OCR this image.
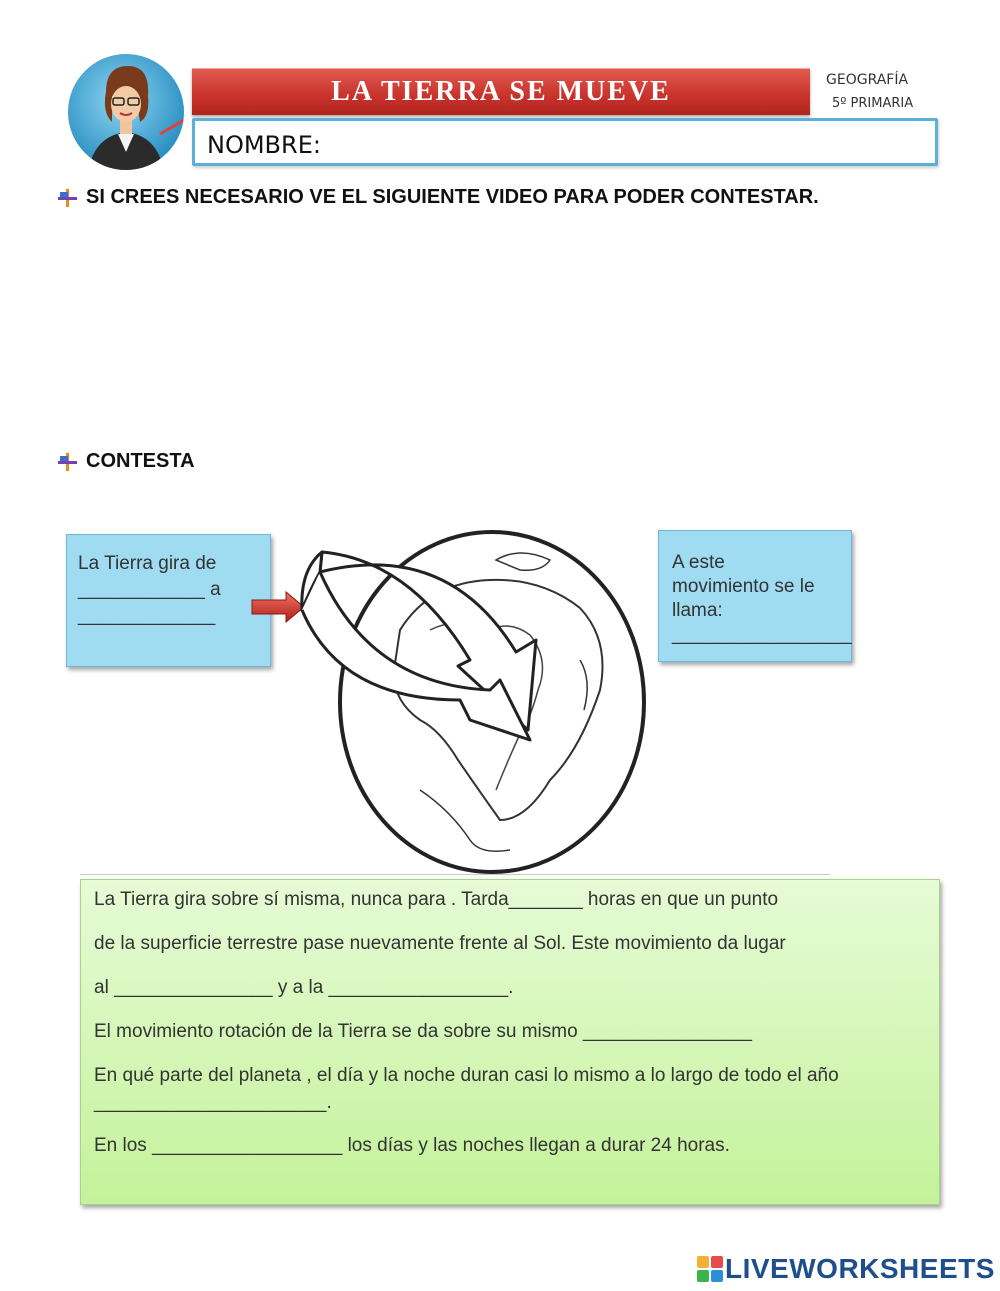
LA TIERRA SE MUEVE	GEOGRAFÍA
5º PRIMARIA
NOMBRE:
SI CREES NECESARIO VE EL SIGUIENTE VIDEO PARA PODER CONTESTAR.
CONTESTA
La Tierra gira de
____________ a
_____________
A este
movimiento se le
llama:
_________________

La Tierra gira sobre sí misma, nunca para . Tarda_______ horas en que un punto

de la superficie terrestre pase nuevamente frente al Sol. Este movimiento da lugar

al _______________ y a la _________________.

El movimiento rotación de la Tierra se da sobre su mismo ________________

En qué parte del planeta , el día y la noche duran casi lo mismo a lo largo de todo el año ______________________.

En los __________________ los días y las noches llegan a durar 24 horas.

LIVEWORKSHEETS
